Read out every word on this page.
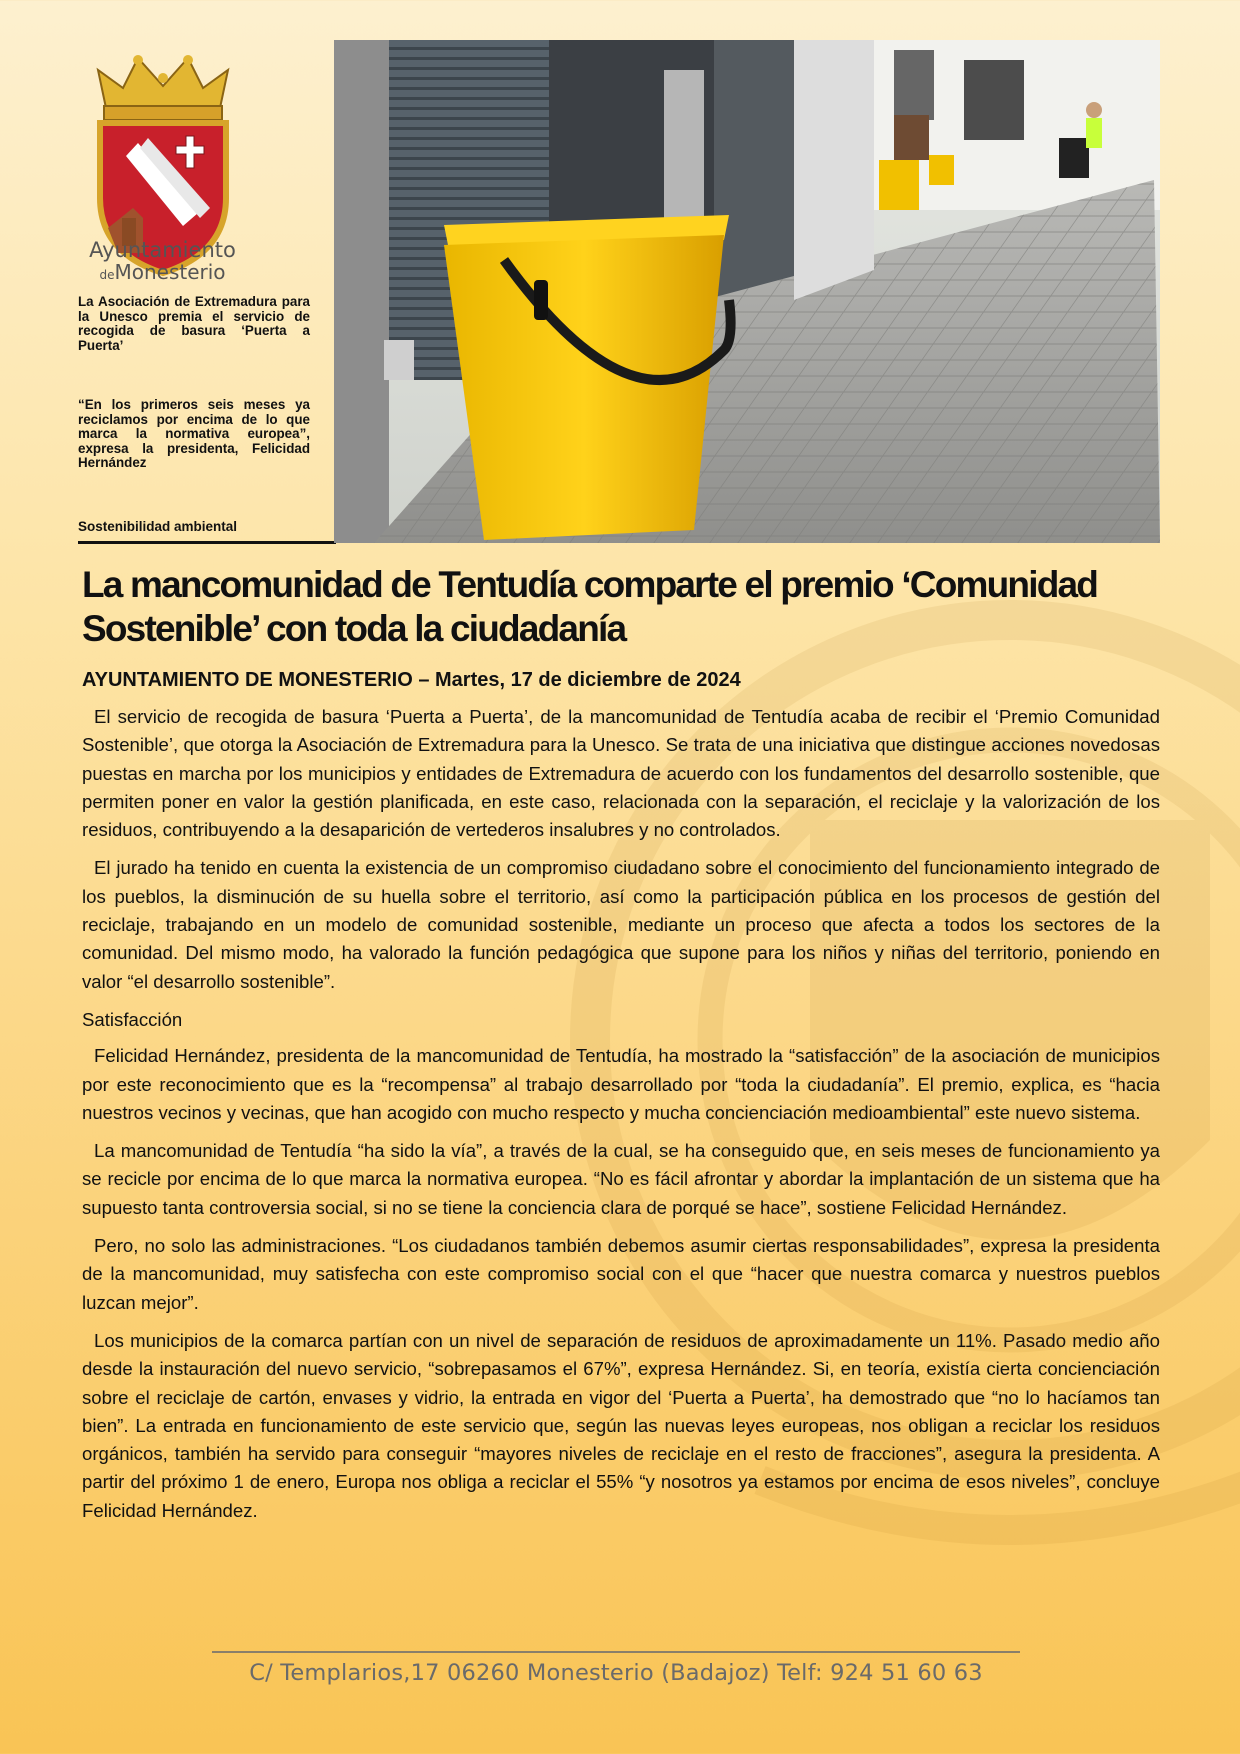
Ayuntamiento
deMonesterio
La Asociación de Extremadura para la Unesco premia el servicio de recogida de basura ‘Puerta a Puerta’
“En los primeros seis meses ya reciclamos por encima de lo que marca la normativa europea”, expresa la presidenta, Felicidad Hernández
Sostenibilidad ambiental
La mancomunidad de Tentudía comparte el premio ‘Comunidad Sostenible’ con toda la ciudadanía
AYUNTAMIENTO DE MONESTERIO – Martes, 17 de diciembre de 2024

El servicio de recogida de basura ‘Puerta a Puerta’, de la mancomunidad de Tentudía acaba de recibir el ‘Premio Comunidad Sostenible’, que otorga la Asociación de Extremadura para la Unesco. Se trata de una iniciativa que distingue acciones novedosas puestas en marcha por los municipios y entidades de Extremadura de acuerdo con los fundamentos del desarrollo sostenible, que permiten poner en valor la gestión planificada, en este caso, relacionada con la separación, el reciclaje y la valorización de los residuos, contribuyendo a la desaparición de vertederos insalubres y no controlados.

El jurado ha tenido en cuenta la existencia de un compromiso ciudadano sobre el conocimiento del funcionamiento integrado de los pueblos, la disminución de su huella sobre el territorio, así como la participación pública en los procesos de gestión del reciclaje, trabajando en un modelo de comunidad sostenible, mediante un proceso que afecta a todos los sectores de la comunidad. Del mismo modo, ha valorado la función pedagógica que supone para los niños y niñas del territorio, poniendo en valor “el desarrollo sostenible”.

Satisfacción

Felicidad Hernández, presidenta de la mancomunidad de Tentudía, ha mostrado la “satisfacción” de la asociación de municipios por este reconocimiento que es la “recompensa” al trabajo desarrollado por “toda la ciudadanía”. El premio, explica, es “hacia nuestros vecinos y vecinas, que han acogido con mucho respecto y mucha concienciación medioambiental” este nuevo sistema.

La mancomunidad de Tentudía “ha sido la vía”, a través de la cual, se ha conseguido que, en seis meses de funcionamiento ya se recicle por encima de lo que marca la normativa europea. “No es fácil afrontar y abordar la implantación de un sistema que ha supuesto tanta controversia social, si no se tiene la conciencia clara de porqué se hace”, sostiene Felicidad Hernández.

Pero, no solo las administraciones. “Los ciudadanos también debemos asumir ciertas responsabilidades”, expresa la presidenta de la mancomunidad, muy satisfecha con este compromiso social con el que “hacer que nuestra comarca y nuestros pueblos luzcan mejor”.

Los municipios de la comarca partían con un nivel de separación de residuos de aproximadamente un 11%. Pasado medio año desde la instauración del nuevo servicio, “sobrepasamos el 67%”, expresa Hernández. Si, en teoría, existía cierta concienciación sobre el reciclaje de cartón, envases y vidrio, la entrada en vigor del ‘Puerta a Puerta’, ha demostrado que “no lo hacíamos tan bien”. La entrada en funcionamiento de este servicio que, según las nuevas leyes europeas, nos obligan a reciclar los residuos orgánicos, también ha servido para conseguir “mayores niveles de reciclaje en el resto de fracciones”, asegura la presidenta. A partir del próximo 1 de enero, Europa nos obliga a reciclar el 55% “y nosotros ya estamos por encima de esos niveles”, concluye Felicidad Hernández.

C/ Templarios,17 06260 Monesterio (Badajoz) Telf: 924 51 60 63
